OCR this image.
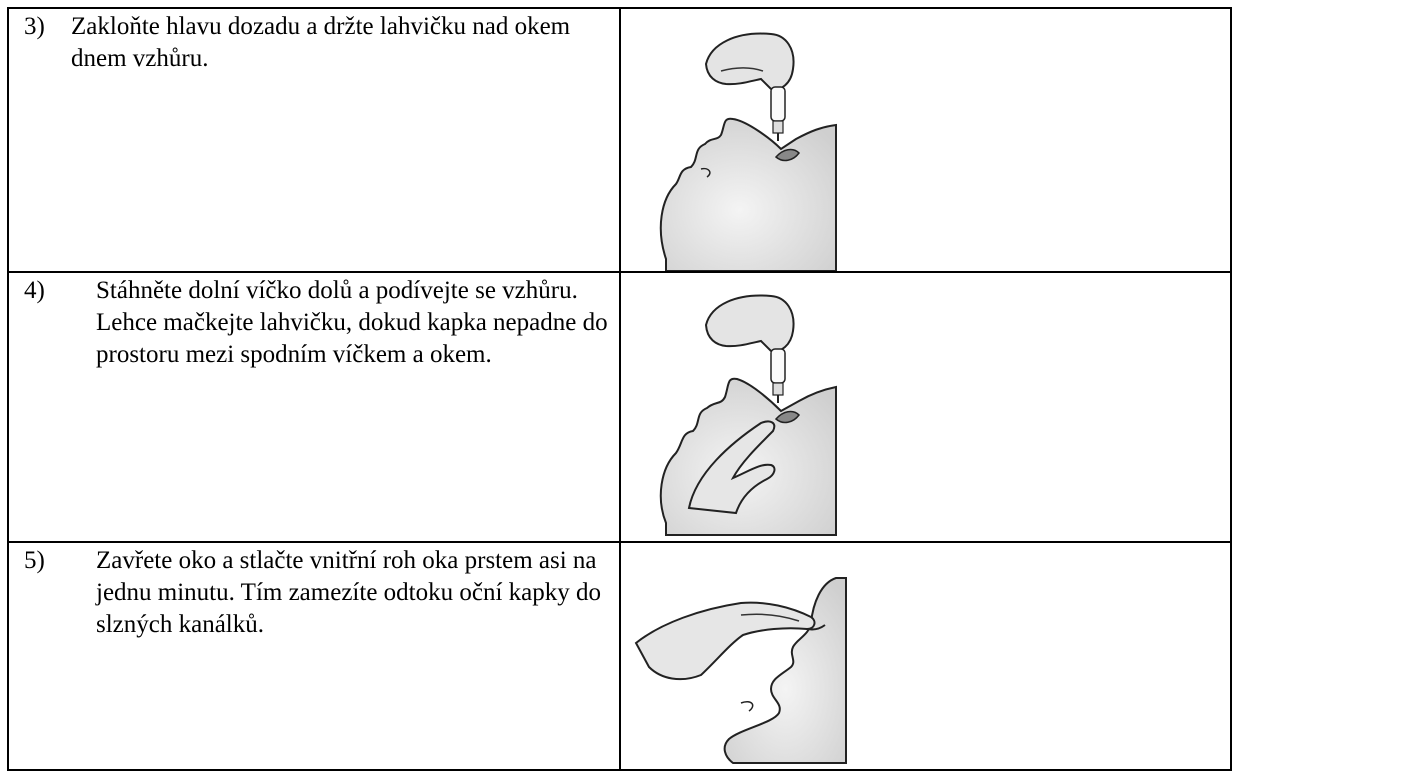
3) Zakloňte hlavu dozadu a držte lahvičku nad okem dnem vzhůru.

4) Stáhněte dolní víčko dolů a podívejte se vzhůru. Lehce mačkejte lahvičku, dokud kapka nepadne do prostoru mezi spodním víčkem a okem.

5) Zavřete oko a stlačte vnitřní roh oka prstem asi na jednu minutu. Tím zamezíte odtoku oční kapky do slzných kanálků.
